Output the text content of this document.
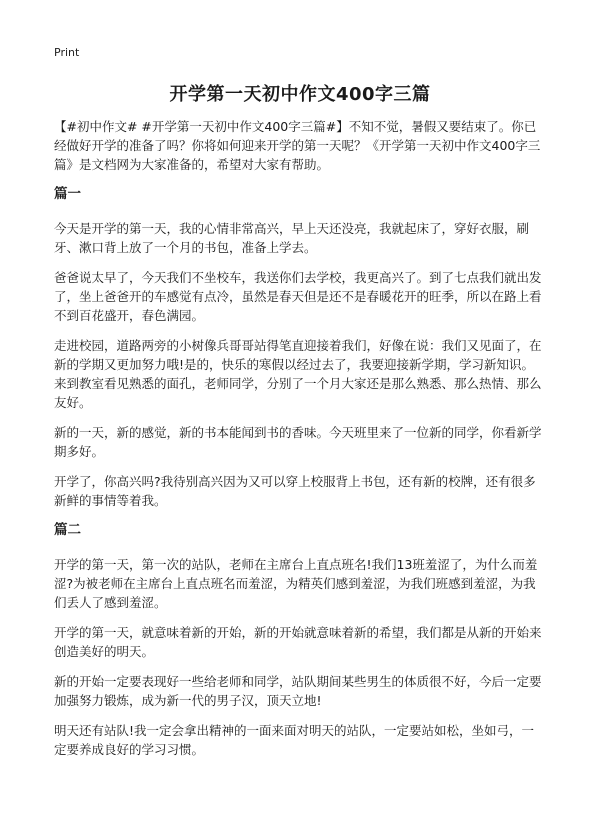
Print
开学第一天初中作文400字三篇

【#初中作文# #开学第一天初中作文400字三篇#】不知不觉，暑假又要结束了。你已经做好开学的准备了吗？你将如何迎来开学的第一天呢？《开学第一天初中作文400字三篇》是文档网为大家准备的，希望对大家有帮助。

篇一

今天是开学的第一天，我的心情非常高兴，早上天还没亮，我就起床了，穿好衣服，刷牙、漱口背上放了一个月的书包，准备上学去。

爸爸说太早了，今天我们不坐校车，我送你们去学校，我更高兴了。到了七点我们就出发了，坐上爸爸开的车感觉有点冷，虽然是春天但是还不是春暖花开的旺季，所以在路上看不到百花盛开，春色满园。

走进校园，道路两旁的小树像兵哥哥站得笔直迎接着我们，好像在说：我们又见面了，在新的学期又更加努力哦!是的，快乐的寒假以经过去了，我要迎接新学期，学习新知识。来到教室看见熟悉的面孔，老师同学，分别了一个月大家还是那么熟悉、那么热情、那么友好。

新的一天，新的感觉，新的书本能闻到书的香味。今天班里来了一位新的同学，你看新学期多好。

开学了，你高兴吗?我待别高兴因为又可以穿上校服背上书包，还有新的校牌，还有很多新鲜的事情等着我。

篇二

开学的第一天，第一次的站队，老师在主席台上直点班名!我们13班羞涩了，为什么而羞涩?为被老师在主席台上直点班名而羞涩，为精英们感到羞涩，为我们班感到羞涩，为我们丢人了感到羞涩。

开学的第一天，就意味着新的开始，新的开始就意味着新的希望，我们都是从新的开始来创造美好的明天。

新的开始一定要表现好一些给老师和同学，站队期间某些男生的体质很不好，今后一定要加强努力锻炼，成为新一代的男子汉，顶天立地!

明天还有站队!我一定会拿出精神的一面来面对明天的站队，一定要站如松，坐如弓，一定要养成良好的学习习惯。
